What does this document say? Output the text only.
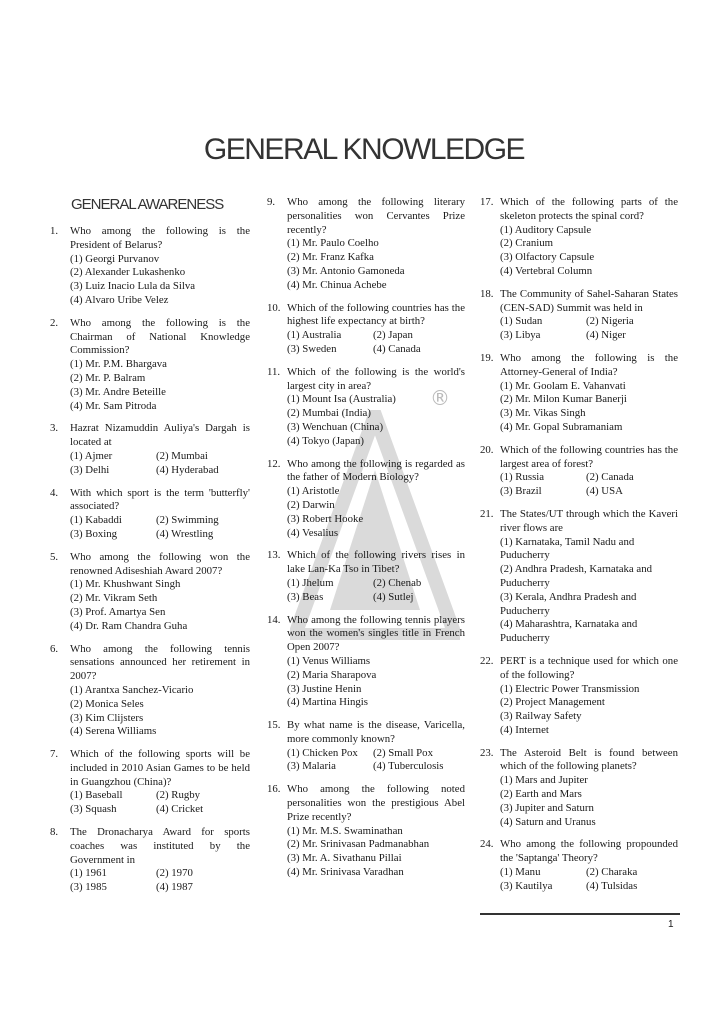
GENERAL KNOWLEDGE
GENERAL AWARENESS
®
1.	Who among the following is the President of Belarus?
(1) Georgi Purvanov
(2) Alexander Lukashenko
(3) Luiz Inacio Lula da Silva
(4) Alvaro Uribe Velez
2.	Who among the following is the Chairman of National Knowledge Commission?
(1) Mr. P.M. Bhargava
(2) Mr. P. Balram
(3) Mr. Andre Beteille
(4) Mr. Sam Pitroda
3.	Hazrat Nizamuddin Auliya's Dargah is located at
(1) Ajmer	(2) Mumbai
(3) Delhi	(4) Hyderabad
4.	With which sport is the term 'butterfly' associated?
(1) Kabaddi	(2) Swimming
(3) Boxing	(4) Wrestling
5.	Who among the following won the renowned Adiseshiah Award 2007?
(1) Mr. Khushwant Singh
(2) Mr. Vikram Seth
(3) Prof. Amartya Sen
(4) Dr. Ram Chandra Guha
6.	Who among the following tennis sensations announced her retirement in 2007?
(1) Arantxa Sanchez-Vicario
(2) Monica Seles
(3) Kim Clijsters
(4) Serena Williams
7.	Which of the following sports will be included in 2010 Asian Games to be held in Guangzhou (China)?
(1) Baseball	(2) Rugby
(3) Squash	(4) Cricket
8.	The Dronacharya Award for sports coaches was instituted by the Government in
(1) 1961	(2) 1970
(3) 1985	(4) 1987
9.	Who among the following literary personalities won Cervantes Prize recently?
(1) Mr. Paulo Coelho
(2) Mr. Franz Kafka
(3) Mr. Antonio Gamoneda
(4) Mr. Chinua Achebe
10. Which of the following countries has the highest life expectancy at birth?
(1) Australia	(2) Japan
(3) Sweden	(4) Canada
11. Which of the following is the world's largest city in area?
(1) Mount Isa (Australia)
(2) Mumbai (India)
(3) Wenchuan (China)
(4) Tokyo (Japan)
12. Who among the following is regarded as the father of Modern Biology?
(1) Aristotle
(2) Darwin
(3) Robert Hooke
(4) Vesalius
13. Which of the following rivers rises in lake Lan-Ka Tso in Tibet?
(1) Jhelum	(2) Chenab
(3) Beas	(4) Sutlej
14. Who among the following tennis players won the women's singles title in French Open 2007?
(1) Venus Williams
(2) Maria Sharapova
(3) Justine Henin
(4) Martina Hingis
15. By what name is the disease, Varicella, more commonly known?
(1) Chicken Pox	(2) Small Pox
(3) Malaria	(4) Tuberculosis
16. Who among the following noted personalities won the prestigious Abel Prize recently?
(1) Mr. M.S. Swaminathan
(2) Mr. Srinivasan Padmanabhan
(3) Mr. A. Sivathanu Pillai
(4) Mr. Srinivasa Varadhan
17. Which of the following parts of the skeleton protects the spinal cord?
(1) Auditory Capsule
(2) Cranium
(3) Olfactory Capsule
(4) Vertebral Column
18. The Community of Sahel-Saharan States (CEN-SAD) Summit was held in
(1) Sudan	(2) Nigeria
(3) Libya	(4) Niger
19. Who among the following is the Attorney-General of India?
(1) Mr. Goolam E. Vahanvati
(2) Mr. Milon Kumar Banerji
(3) Mr. Vikas Singh
(4) Mr. Gopal Subramaniam
20. Which of the following countries has the largest area of forest?
(1) Russia	(2) Canada
(3) Brazil	(4) USA
21. The States/UT through which the Kaveri river flows are
(1) Karnataka, Tamil Nadu and Puducherry
(2) Andhra Pradesh, Karnataka and Puducherry
(3) Kerala, Andhra Pradesh and Puducherry
(4) Maharashtra, Karnataka and Puducherry
22. PERT is a technique used for which one of the following?
(1) Electric Power Transmission
(2) Project Management
(3) Railway Safety
(4) Internet
23. The Asteroid Belt is found between which of the following planets?
(1) Mars and Jupiter
(2) Earth and Mars
(3) Jupiter and Saturn
(4) Saturn and Uranus
24. Who among the following propounded the 'Saptanga' Theory?
(1) Manu	(2) Charaka
(3) Kautilya	(4) Tulsidas
1
